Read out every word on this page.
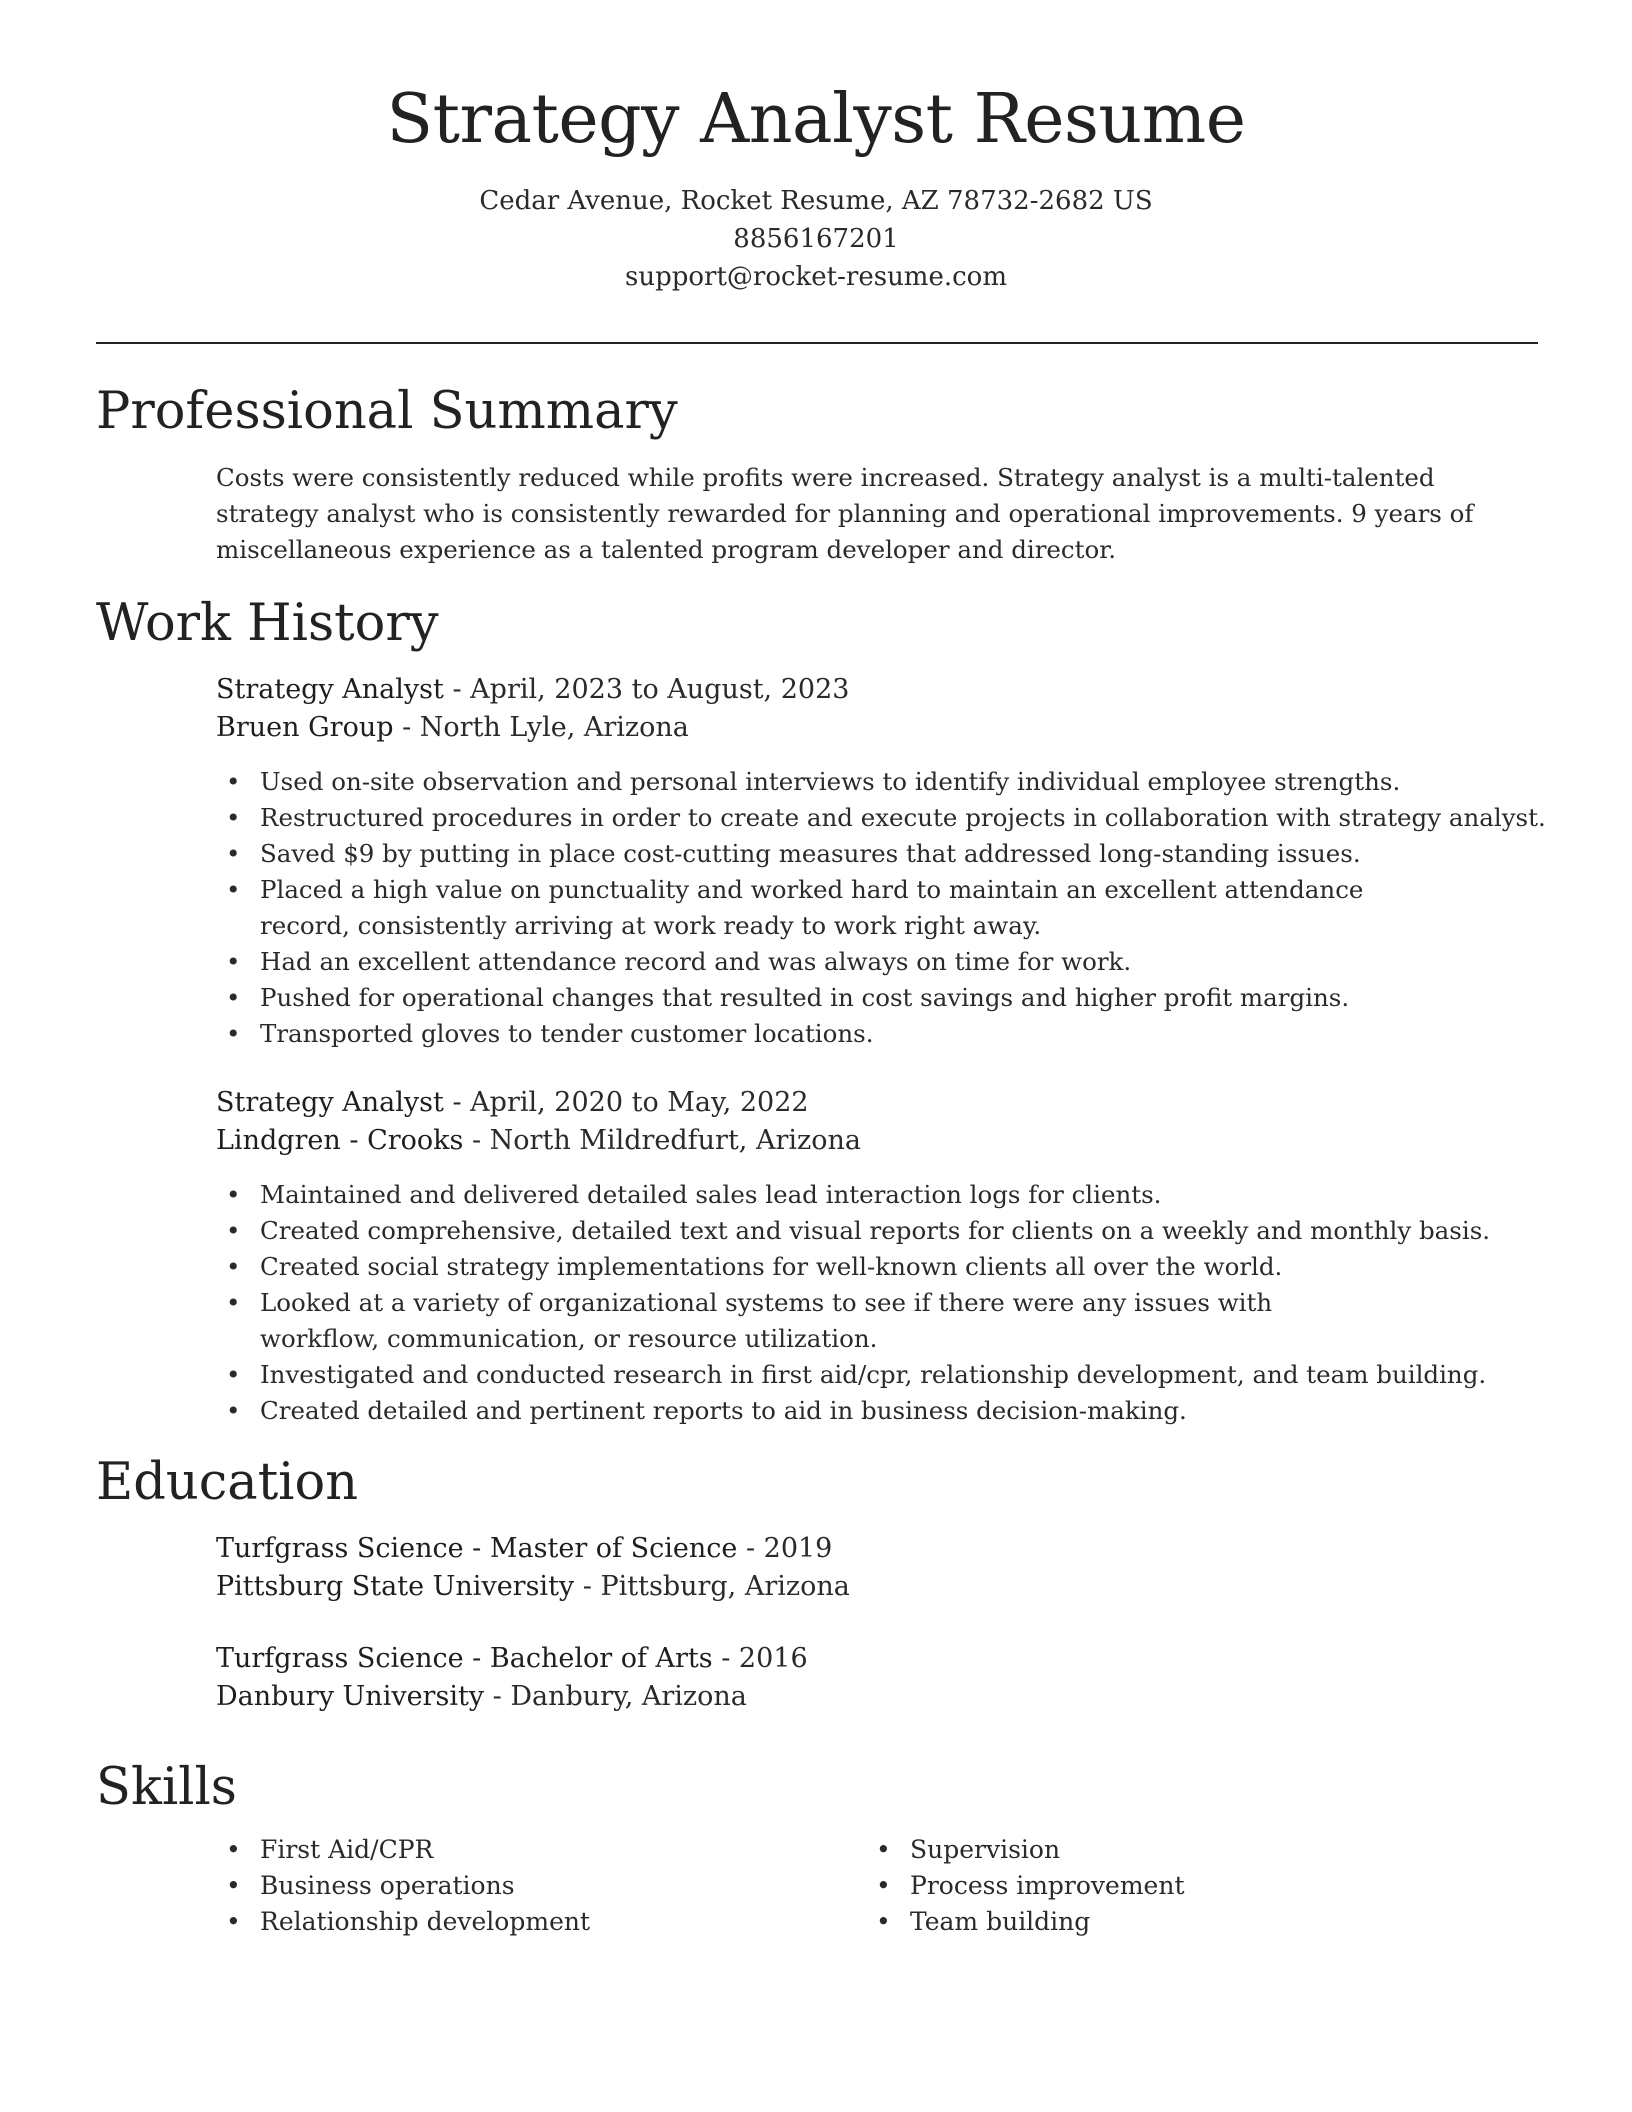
Strategy Analyst Resume
Cedar Avenue, Rocket Resume, AZ 78732-2682 US
8856167201
support@rocket-resume.com
Professional Summary

Costs were consistently reduced while profits were increased. Strategy analyst is a multi-talented strategy analyst who is consistently rewarded for planning and operational improvements. 9 years of miscellaneous experience as a talented program developer and director.

Work History
Strategy Analyst - April, 2023 to August, 2023
Bruen Group - North Lyle, Arizona
• Used on-site observation and personal interviews to identify individual employee strengths.
• Restructured procedures in order to create and execute projects in collaboration with strategy analyst.
• Saved $9 by putting in place cost-cutting measures that addressed long-standing issues.
• Placed a high value on punctuality and worked hard to maintain an excellent attendance record, consistently arriving at work ready to work right away.
• Had an excellent attendance record and was always on time for work.
• Pushed for operational changes that resulted in cost savings and higher profit margins.
• Transported gloves to tender customer locations.
Strategy Analyst - April, 2020 to May, 2022
Lindgren - Crooks - North Mildredfurt, Arizona
• Maintained and delivered detailed sales lead interaction logs for clients.
• Created comprehensive, detailed text and visual reports for clients on a weekly and monthly basis.
• Created social strategy implementations for well-known clients all over the world.
• Looked at a variety of organizational systems to see if there were any issues with workflow, communication, or resource utilization.
• Investigated and conducted research in first aid/cpr, relationship development, and team building.
• Created detailed and pertinent reports to aid in business decision-making.
Education
Turfgrass Science - Master of Science - 2019
Pittsburg State University - Pittsburg, Arizona
Turfgrass Science - Bachelor of Arts - 2016
Danbury University - Danbury, Arizona
Skills
• First Aid/CPR
• Business operations
• Relationship development
• Supervision
• Process improvement
• Team building
